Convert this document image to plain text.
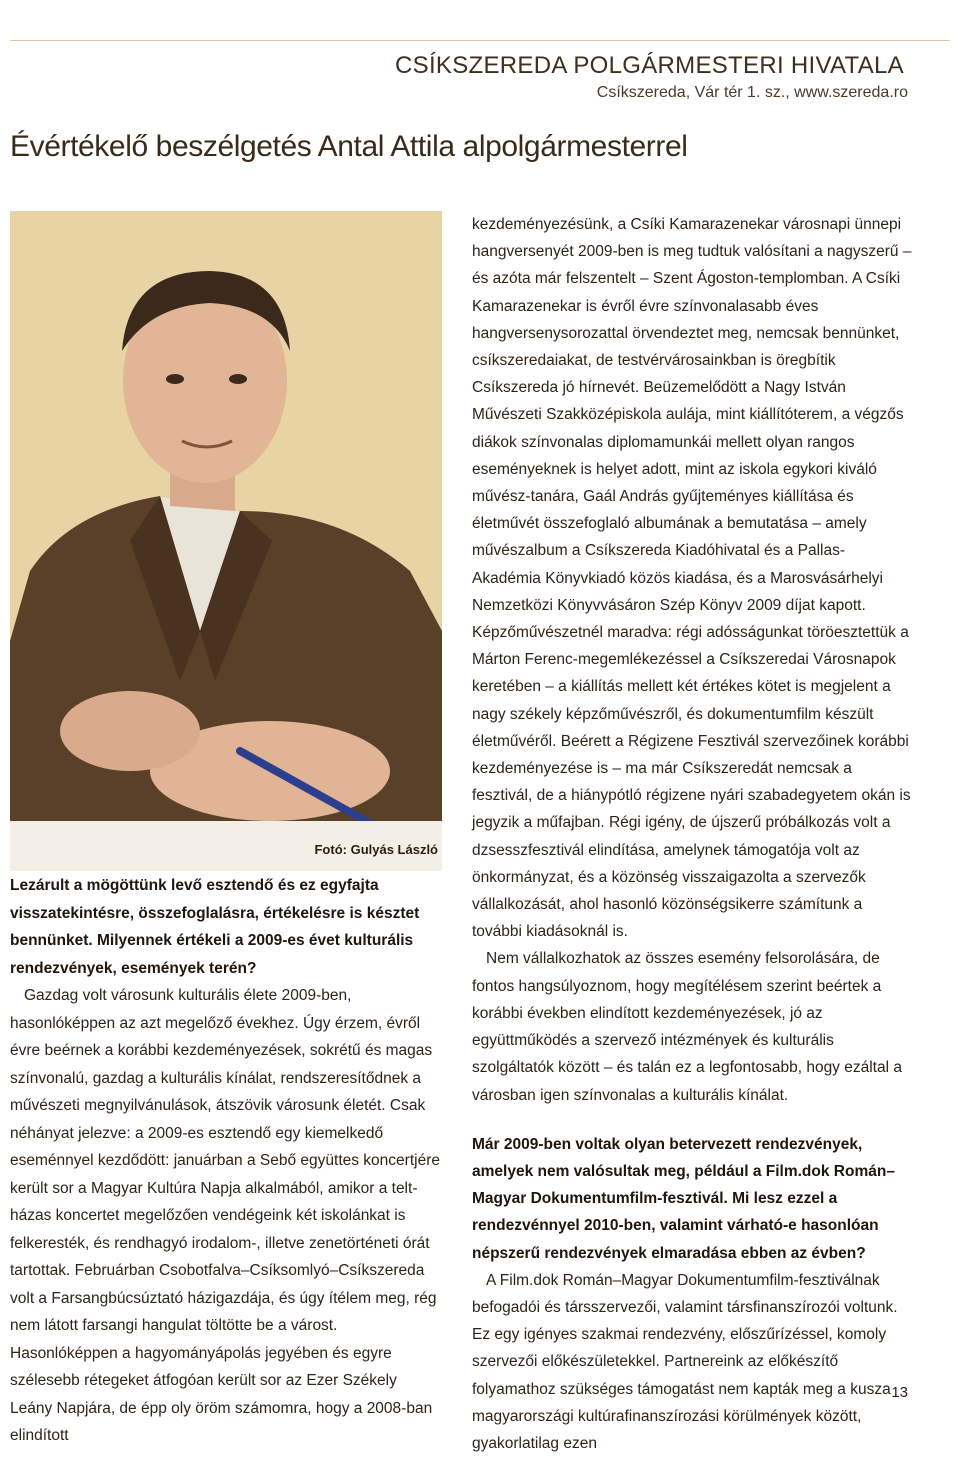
CSÍKSZEREDA POLGÁRMESTERI HIVATALA
Csíkszereda, Vár tér 1. sz., www.szereda.ro
Évértékelő beszélgetés Antal Attila alpolgármesterrel
Fotó: Gulyás László

Lezárult a mögöttünk levő esztendő és ez egyfajta visszatekintésre, összefoglalásra, értékelésre is késztet bennünket. Milyennek értékeli a 2009-es évet kulturális rendezvények, események terén?

Gazdag volt városunk kulturális élete 2009-ben, hasonlóképpen az azt megelőző évekhez. Úgy érzem, évről évre beérnek a korábbi kezdeményezések, sokrétű és magas színvonalú, gazdag a kulturális kínálat, rendszeresítődnek a művészeti megnyilvánulások, átszövik városunk életét. Csak néhányat jelezve: a 2009-es esztendő egy kiemelkedő eseménnyel kezdődött: januárban a Sebő együttes koncertjére került sor a Magyar Kultúra Napja alkalmából, amikor a teltházas koncertet megelőzően vendégeink két iskolánkat is felkeresték, és rendhagyó irodalom-, illetve zenetörténeti órát tartottak. Februárban Csobotfalva–Csíksomlyó–Csíkszereda volt a Farsangbúcsúztató házigazdája, és úgy ítélem meg, rég nem látott farsangi hangulat töltötte be a várost. Hasonlóképpen a hagyományápolás jegyében és egyre szélesebb rétegeket átfogóan került sor az Ezer Székely Leány Napjára, de épp oly öröm számomra, hogy a 2008-ban elindított

kezdeményezésünk, a Csíki Kamarazenekar városnapi ünnepi hangversenyét 2009-ben is meg tudtuk valósítani a nagyszerű – és azóta már felszentelt – Szent Ágoston-templomban. A Csíki Kamarazenekar is évről évre színvonalasabb éves hangversenysorozattal örvendeztet meg, nemcsak bennünket, csíkszeredaiakat, de testvérvárosainkban is öregbítik Csíkszereda jó hírnevét. Beüzemelődött a Nagy István Művészeti Szakközépiskola aulája, mint kiállítóterem, a végzős diákok színvonalas diplomamunkái mellett olyan rangos eseményeknek is helyet adott, mint az iskola egykori kiváló művész-tanára, Gaál András gyűjteményes kiállítása és életművét összefoglaló albumának a bemutatása – amely művészalbum a Csíkszereda Kiadóhivatal és a Pallas-Akadémia Könyvkiadó közös kiadása, és a Marosvásárhelyi Nemzetközi Könyvvásáron Szép Könyv 2009 díjat kapott. Képzőművészetnél maradva: régi adósságunkat töröesztettük a Márton Ferenc-megemlékezéssel a Csíkszeredai Városnapok keretében – a kiállítás mellett két értékes kötet is megjelent a nagy székely képzőművészről, és dokumentumfilm készült életművéről. Beérett a Régizene Fesztivál szervezőinek korábbi kezdeményezése is – ma már Csíkszeredát nemcsak a fesztivál, de a hiánypótló régizene nyári szabadegyetem okán is jegyzik a műfajban. Régi igény, de újszerű próbálkozás volt a dzsesszfesztivál elindítása, amelynek támogatója volt az önkormányzat, és a közönség visszaigazolta a szervezők vállalkozását, ahol hasonló közönségsikerre számítunk a további kiadásoknál is.

Nem vállalkozhatok az összes esemény felsorolására, de fontos hangsúlyoznom, hogy megítélésem szerint beértek a korábbi években elindított kezdeményezések, jó az együttműködés a szervező intézmények és kulturális szolgáltatók között – és talán ez a legfontosabb, hogy ezáltal a városban igen színvonalas a kulturális kínálat.

Már 2009-ben voltak olyan betervezett rendezvények, amelyek nem valósultak meg, például a Film.dok Román–Magyar Dokumentumfilm-fesztivál. Mi lesz ezzel a rendezvénnyel 2010-ben, valamint várható-e hasonlóan népszerű rendezvények elmaradása ebben az évben?

A Film.dok Román–Magyar Dokumentumfilm-fesztiválnak befogadói és társszervezői, valamint társfinanszírozói voltunk. Ez egy igényes szakmai rendezvény, előszűrízéssel, komoly szervezői előkészületekkel. Partnereink az előkészítő folyamathoz szükséges támogatást nem kapták meg a kusza magyarországi kultúrafinanszírozási körülmények között, gyakorlatilag ezen

13
